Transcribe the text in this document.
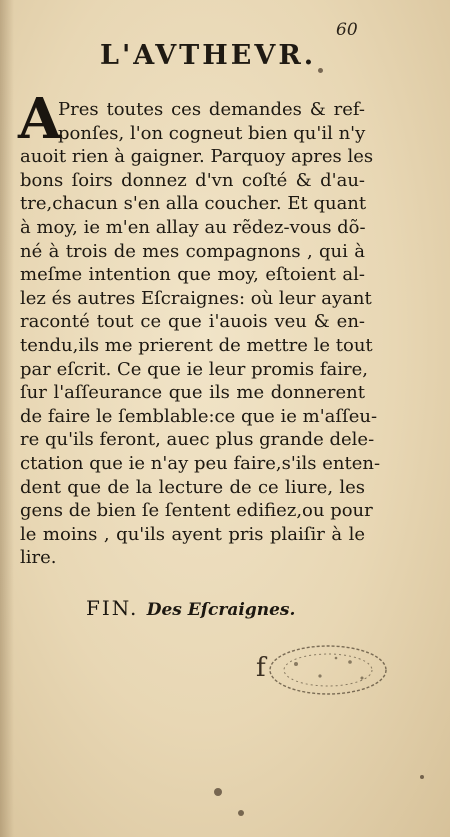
60
L'AVTHEVR.
A
Pres toutes ces demandes & ref-
ponſes, l'on cogneut bien qu'il n'y
auoit rien à gaigner. Parquoy apres les
bons ſoirs donnez d'vn coſté & d'au-
tre,chacun s'en alla coucher. Et quant
à moy, ie m'en allay au rẽdez-vous dõ-
né à trois de mes compagnons , qui à
meſme intention que moy, eſtoient al-
lez és autres Eſcraignes: où leur ayant
raconté tout ce que i'auois veu & en-
tendu,ils me prierent de mettre le tout
par eſcrit. Ce que ie leur promis faire,
ſur l'aſſeurance que ils me donnerent
de faire le ſemblable:ce que ie m'aſſeu-
re qu'ils feront, auec plus grande dele-
ctation que ie n'ay peu faire,s'ils enten-
dent que de la lecture de ce liure, les
gens de bien ſe ſentent edifiez,ou pour
le moins , qu'ils ayent pris plaiſir à le
lire.
FIN. Des Eſcraignes.
f
